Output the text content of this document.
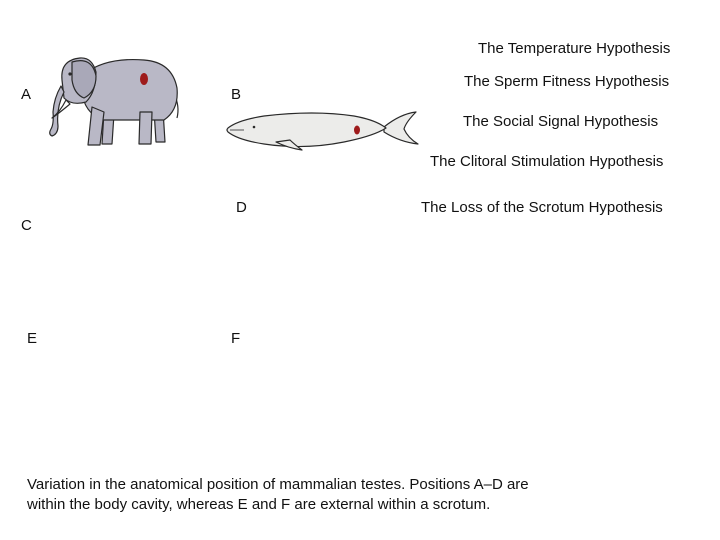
A	B
C
D
E	F
The Temperature Hypothesis
The Sperm Fitness Hypothesis
The Social Signal Hypothesis
The Clitoral Stimulation Hypothesis
The Loss of the Scrotum Hypothesis
Variation in the anatomical position of mammalian testes. Positions A–D are
within the body cavity, whereas E and F are external within a scrotum.
